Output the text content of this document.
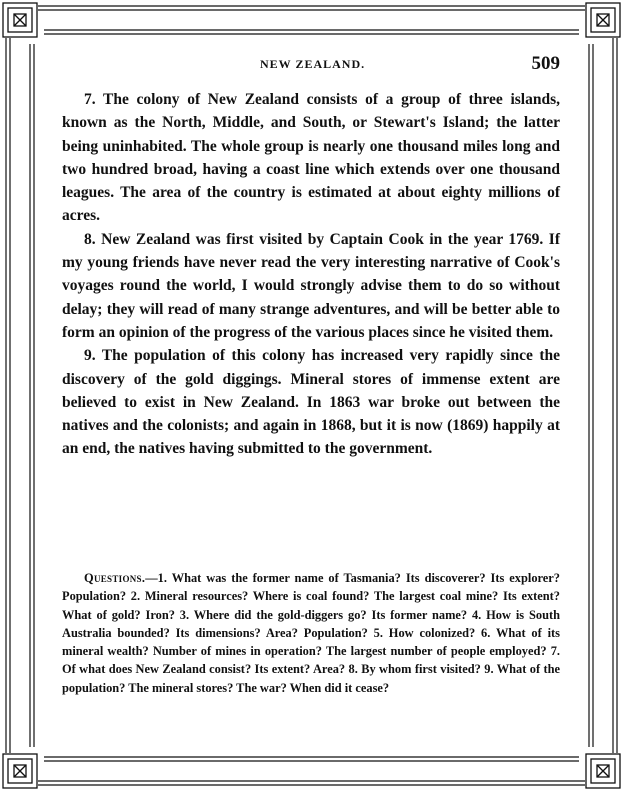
NEW ZEALAND.	509

7. The colony of New Zealand consists of a group of three islands, known as the North, Middle, and South, or Stewart's Island; the latter being uninhabited. The whole group is nearly one thousand miles long and two hundred broad, having a coast line which extends over one thousand leagues. The area of the country is estimated at about eighty millions of acres.

8. New Zealand was first visited by Captain Cook in the year 1769. If my young friends have never read the very interesting narrative of Cook's voyages round the world, I would strongly advise them to do so without delay; they will read of many strange adventures, and will be better able to form an opinion of the progress of the various places since he visited them.

9. The population of this colony has increased very rapidly since the discovery of the gold diggings. Mineral stores of immense extent are believed to exist in New Zealand. In 1863 war broke out between the natives and the colonists; and again in 1868, but it is now (1869) happily at an end, the natives having submitted to the government.

Questions.—1. What was the former name of Tasmania? Its discoverer? Its explorer? Population? 2. Mineral resources? Where is coal found? The largest coal mine? Its extent? What of gold? Iron? 3. Where did the gold-diggers go? Its former name? 4. How is South Australia bounded? Its dimensions? Area? Population? 5. How colonized? 6. What of its mineral wealth? Number of mines in operation? The largest number of people employed? 7. Of what does New Zealand consist? Its extent? Area? 8. By whom first visited? 9. What of the population? The mineral stores? The war? When did it cease?
